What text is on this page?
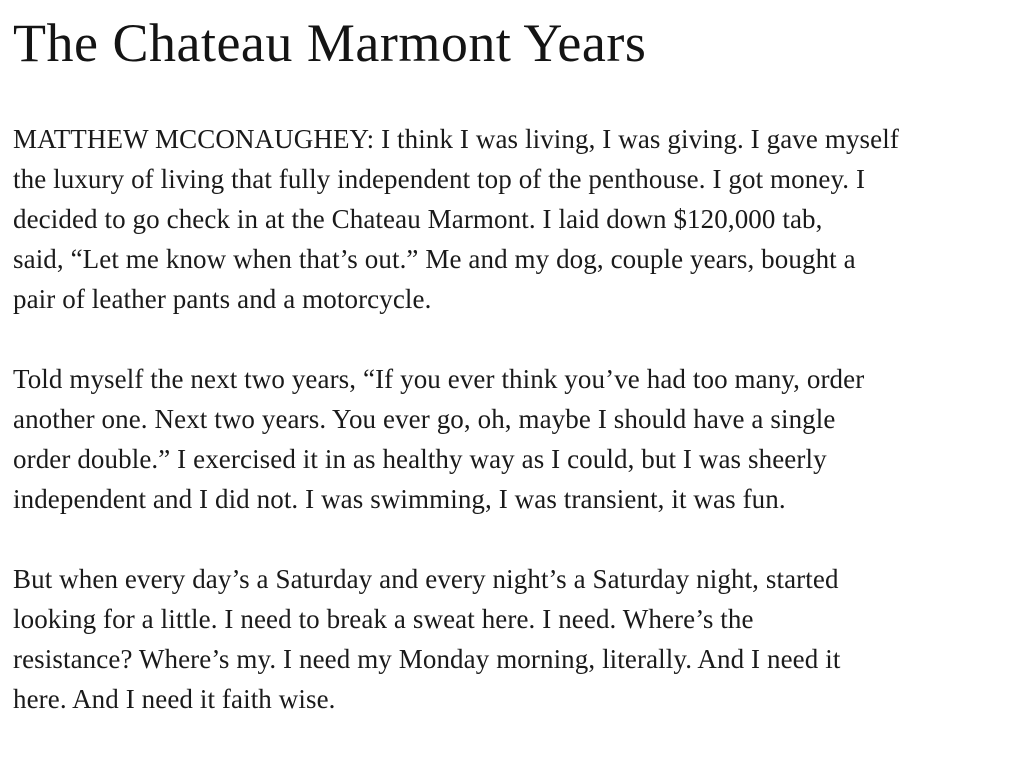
The Chateau Marmont Years
MATTHEW MCCONAUGHEY: I think I was living, I was giving. I gave myself
the luxury of living that fully independent top of the penthouse. I got money. I
decided to go check in at the Chateau Marmont. I laid down $120,000 tab,
said, “Let me know when that’s out.” Me and my dog, couple years, bought a
pair of leather pants and a motorcycle.
Told myself the next two years, “If you ever think you’ve had too many, order
another one. Next two years. You ever go, oh, maybe I should have a single
order double.” I exercised it in as healthy way as I could, but I was sheerly
independent and I did not. I was swimming, I was transient, it was fun.
But when every day’s a Saturday and every night’s a Saturday night, started
looking for a little. I need to break a sweat here. I need. Where’s the
resistance? Where’s my. I need my Monday morning, literally. And I need it
here. And I need it faith wise.
